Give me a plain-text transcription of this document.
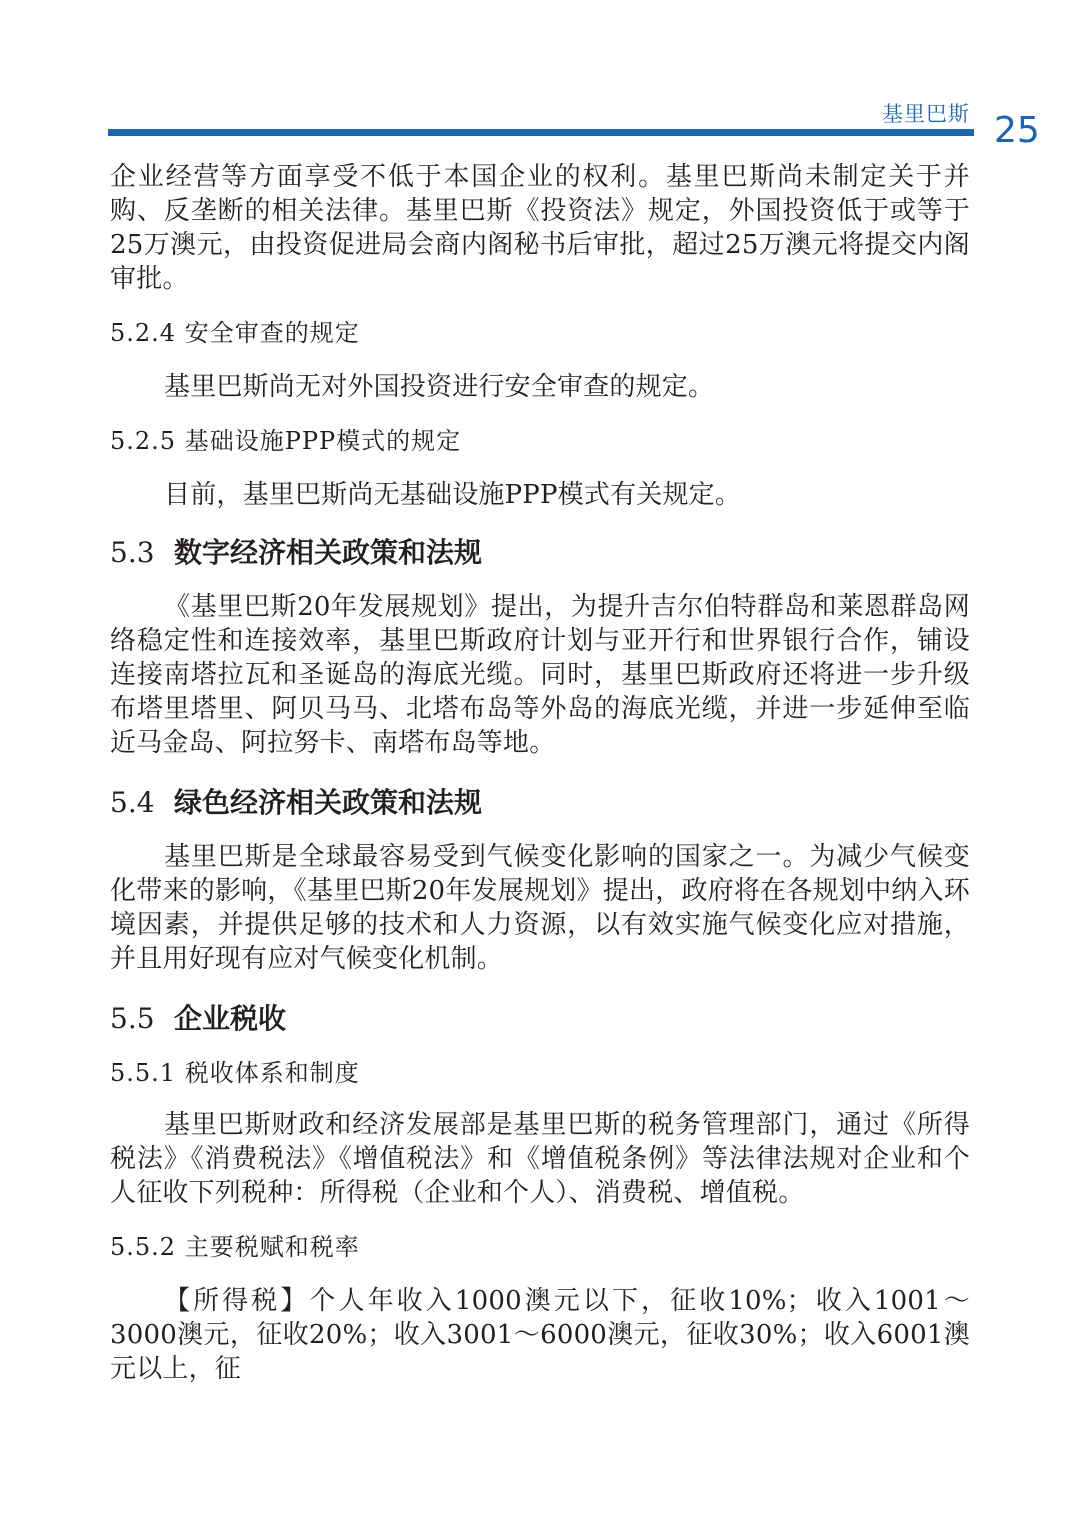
基里巴斯 25

企业经营等方面享受不低于本国企业的权利。基里巴斯尚未制定关于并购、反垄断的相关法律。基里巴斯《投资法》规定，外国投资低于或等于25万澳元，由投资促进局会商内阁秘书后审批，超过25万澳元将提交内阁审批。

5.2.4 安全审查的规定

基里巴斯尚无对外国投资进行安全审查的规定。

5.2.5 基础设施PPP模式的规定

目前，基里巴斯尚无基础设施PPP模式有关规定。

5.3 数字经济相关政策和法规

《基里巴斯20年发展规划》提出，为提升吉尔伯特群岛和莱恩群岛网络稳定性和连接效率，基里巴斯政府计划与亚开行和世界银行合作，铺设连接南塔拉瓦和圣诞岛的海底光缆。同时，基里巴斯政府还将进一步升级布塔里塔里、阿贝马马、北塔布岛等外岛的海底光缆，并进一步延伸至临近马金岛、阿拉努卡、南塔布岛等地。

5.4 绿色经济相关政策和法规

基里巴斯是全球最容易受到气候变化影响的国家之一。为减少气候变化带来的影响，《基里巴斯20年发展规划》提出，政府将在各规划中纳入环境因素，并提供足够的技术和人力资源，以有效实施气候变化应对措施，并且用好现有应对气候变化机制。

5.5 企业税收
5.5.1 税收体系和制度

基里巴斯财政和经济发展部是基里巴斯的税务管理部门，通过《所得税法》《消费税法》《增值税法》和《增值税条例》等法律法规对企业和个人征收下列税种：所得税（企业和个人）、消费税、增值税。

5.5.2 主要税赋和税率

【所得税】个人年收入1000澳元以下，征收10%；收入1001～3000澳元，征收20%；收入3001～6000澳元，征收30%；收入6001澳元以上，征
